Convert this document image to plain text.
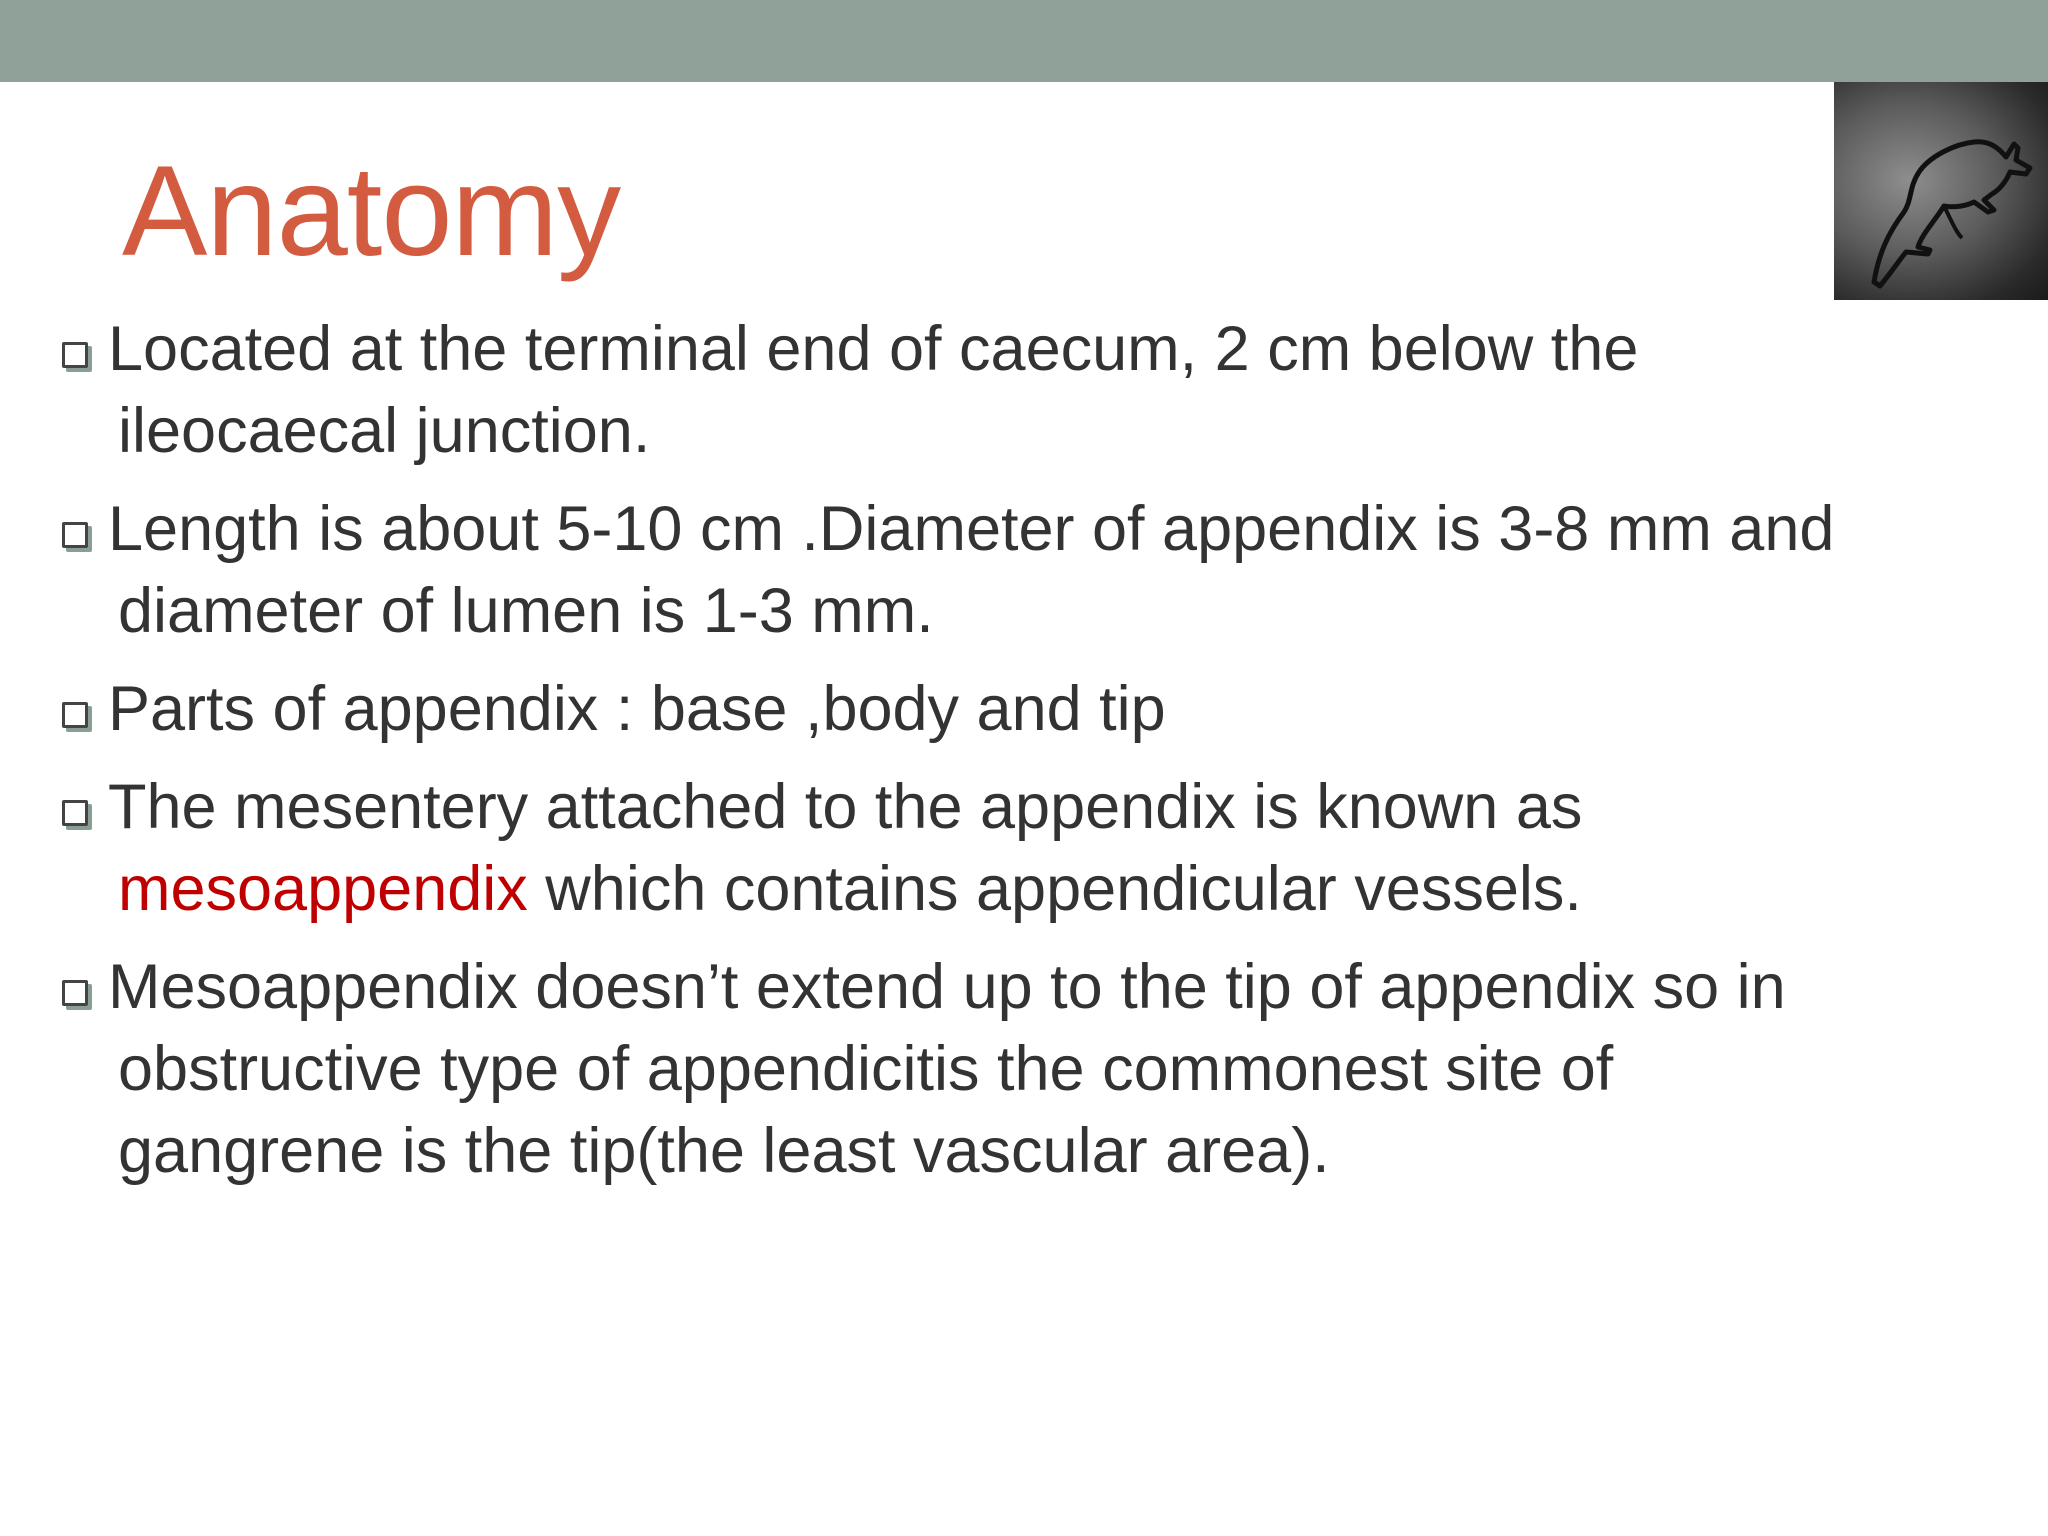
Anatomy
Located at the terminal end of caecum, 2 cm below the
ileocaecal junction.
Length is about 5-10 cm .Diameter of appendix is 3-8 mm and
diameter of lumen is 1-3 mm.
Parts of appendix : base ,body and tip
The mesentery attached to the appendix is known as
mesoappendix which contains appendicular vessels.
Mesoappendix doesn’t extend up to the tip of appendix so in
obstructive type of appendicitis the commonest site of
gangrene is the tip(the least vascular area).
